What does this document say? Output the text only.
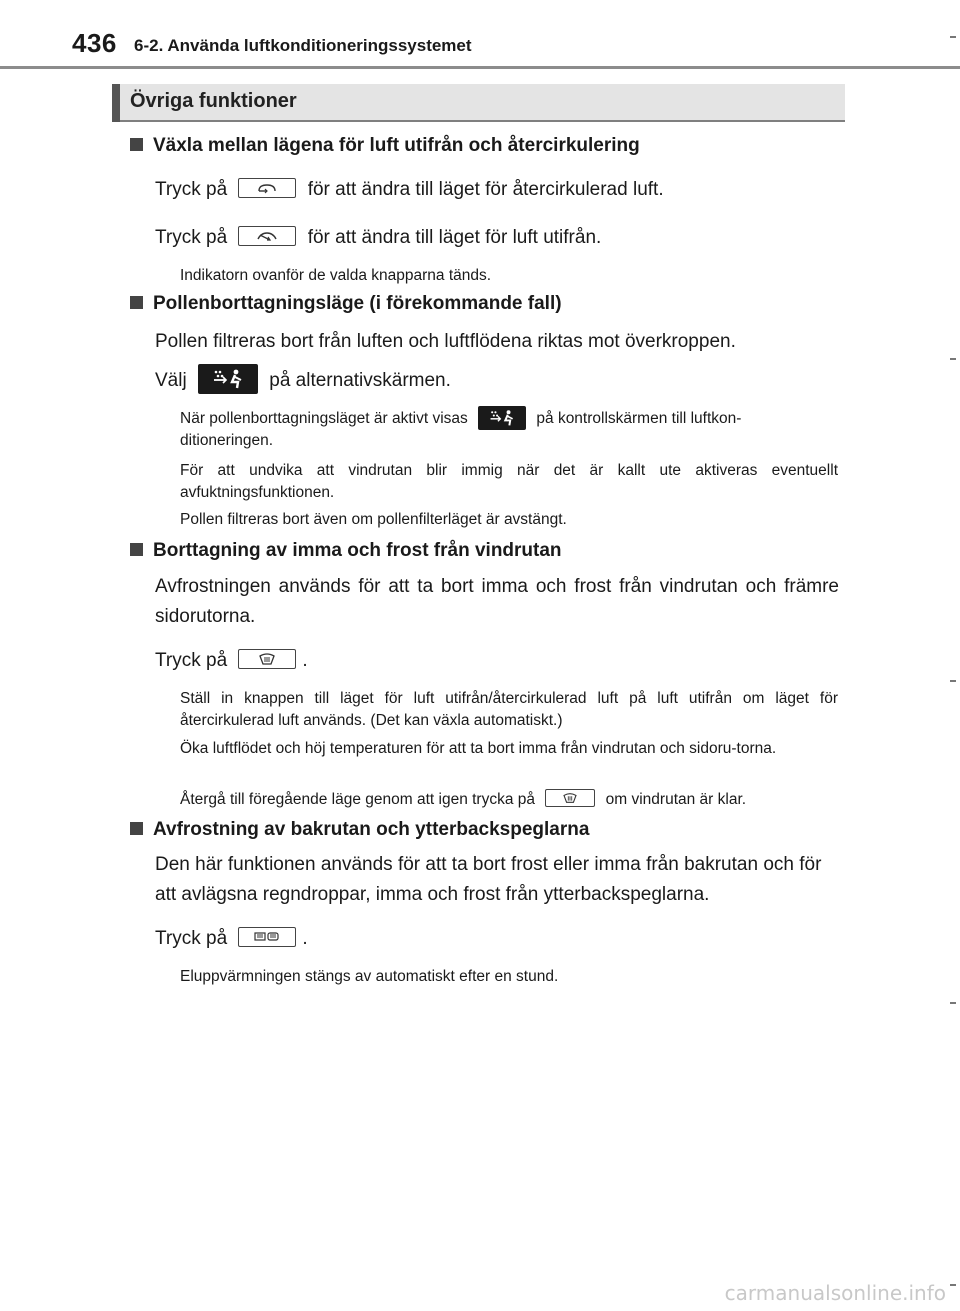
436 6-2. Använda luftkonditioneringssystemet
Övriga funktioner
Växla mellan lägena för luft utifrån och återcirkulering
Tryck på	för att ändra till läget för återcirkulerad luft.
Tryck på	för att ändra till läget för luft utifrån.
Indikatorn ovanför de valda knapparna tänds.
Pollenborttagningsläge (i förekommande fall)
Pollen filtreras bort från luften och luftflödena riktas mot överkroppen.
Välj	på alternativskärmen.
När pollenborttagningsläget är aktivt visas	på kontrollskärmen till luftkon-
ditioneringen.
För att undvika att vindrutan blir immig när det är kallt ute aktiveras eventuellt avfuktningsfunktionen.
Pollen filtreras bort även om pollenfilterläget är avstängt.
Borttagning av imma och frost från vindrutan
Avfrostningen används för att ta bort imma och frost från vindrutan och främre sidorutorna.
Tryck på	.
Ställ in knappen till läget för luft utifrån/återcirkulerad luft på luft utifrån om läget för återcirkulerad luft används. (Det kan växla automatiskt.)
Öka luftflödet och höj temperaturen för att ta bort imma från vindrutan och sidoru-torna.
Återgå till föregående läge genom att igen trycka på	om vindrutan är klar.
Avfrostning av bakrutan och ytterbackspeglarna
Den här funktionen används för att ta bort frost eller imma från bakrutan och för att avlägsna regndroppar, imma och frost från ytterbackspeglarna.
Tryck på	.
Eluppvärmningen stängs av automatiskt efter en stund.
carmanualsonline.info
